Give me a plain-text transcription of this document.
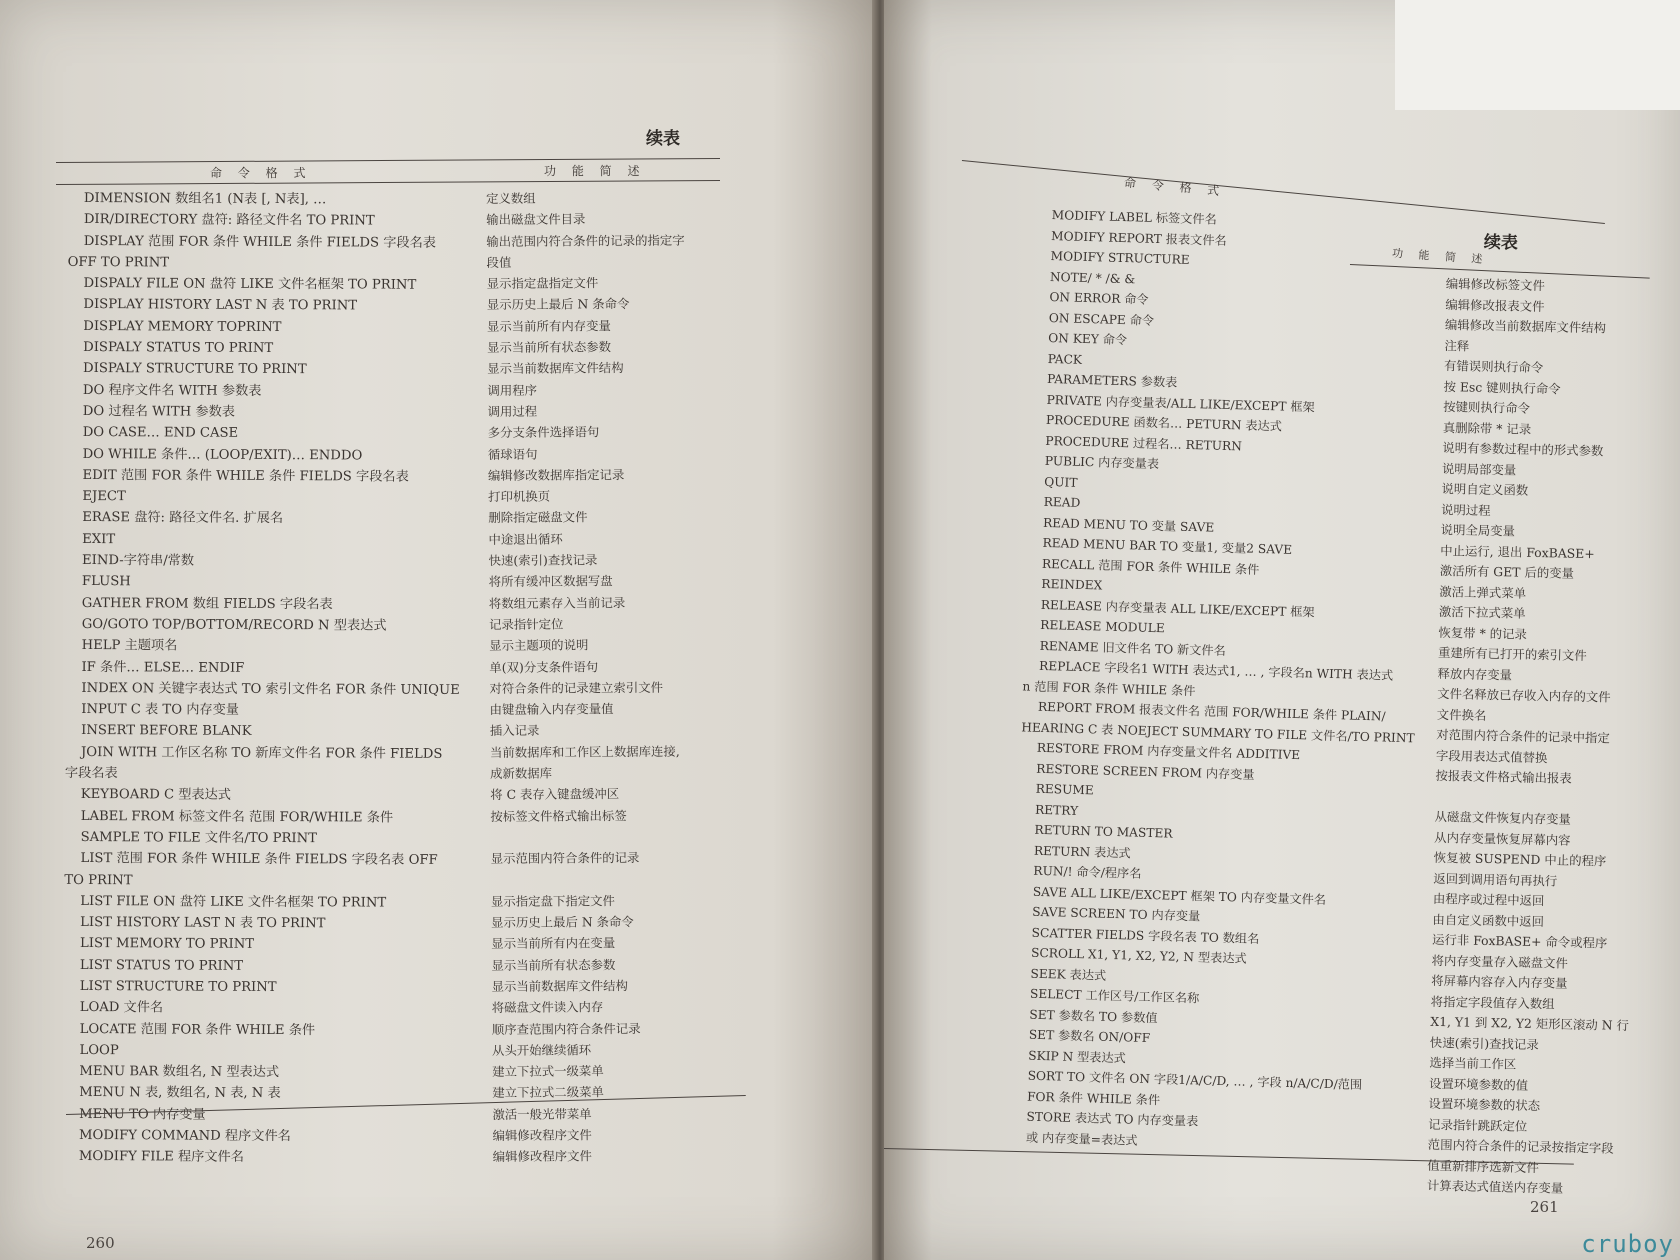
续表
命 令 格 式	功 能 简 述
DIMENSION 数组名1 (N表 [, N表], …
DIR/DIRECTORY 盘符: 路径文件名 TO PRINT
DISPLAY 范围 FOR 条件 WHILE 条件 FIELDS 字段名表
OFF TO PRINT
DISPALY FILE ON 盘符 LIKE 文件名框架 TO PRINT
DISPLAY HISTORY LAST N 表 TO PRINT
DISPLAY MEMORY TOPRINT
DISPALY STATUS TO PRINT
DISPALY STRUCTURE TO PRINT
DO 程序文件名 WITH 参数表
DO 过程名 WITH 参数表
DO CASE… END CASE
DO WHILE 条件… (LOOP/EXIT)… ENDDO
EDIT 范围 FOR 条件 WHILE 条件 FIELDS 字段名表
EJECT
ERASE 盘符: 路径文件名. 扩展名
EXIT
EIND-字符串/常数
FLUSH
GATHER FROM 数组 FIELDS 字段名表
GO/GOTO TOP/BOTTOM/RECORD N 型表达式
HELP 主题项名
IF 条件… ELSE… ENDIF
INDEX ON 关键字表达式 TO 索引文件名 FOR 条件 UNIQUE
INPUT C 表 TO 内存变量
INSERT BEFORE BLANK
JOIN WITH 工作区名称 TO 新库文件名 FOR 条件 FIELDS
字段名表
KEYBOARD C 型表达式
LABEL FROM 标签文件名 范围 FOR/WHILE 条件
SAMPLE TO FILE 文件名/TO PRINT
LIST 范围 FOR 条件 WHILE 条件 FIELDS 字段名表 OFF
TO PRINT
LIST FILE ON 盘符 LIKE 文件名框架 TO PRINT
LIST HISTORY LAST N 表 TO PRINT
LIST MEMORY TO PRINT
LIST STATUS TO PRINT
LIST STRUCTURE TO PRINT
LOAD 文件名
LOCATE 范围 FOR 条件 WHILE 条件
LOOP
MENU BAR 数组名, N 型表达式
MENU N 表, 数组名, N 表, N 表
MENU TO 内存变量
MODIFY COMMAND 程序文件名
MODIFY FILE 程序文件名
定义数组
输出磁盘文件目录
输出范围内符合条件的记录的指定字
段值
显示指定盘指定文件
显示历史上最后 N 条命令
显示当前所有内存变量
显示当前所有状态参数
显示当前数据库文件结构
调用程序
调用过程
多分支条件选择语句
循球语句
编辑修改数据库指定记录
打印机换页
删除指定磁盘文件
中途退出循环
快速(索引)查找记录
将所有缓冲区数据写盘
将数组元素存入当前记录
记录指针定位
显示主题项的说明
单(双)分支条件语句
对符合条件的记录建立索引文件
由键盘输入内存变量值
插入记录
当前数据库和工作区上数据库连接,
成新数据库
将 C 表存入键盘缓冲区
按标签文件格式输出标签
显示范围内符合条件的记录
显示指定盘下指定文件
显示历史上最后 N 条命令
显示当前所有内在变量
显示当前所有状态参数
显示当前数据库文件结构
将磁盘文件读入内存
顺序查范围内符合条件记录
从头开始继续循环
建立下拉式一级菜单
建立下拉式二级菜单
激活一般光带菜单
编辑修改程序文件
编辑修改程序文件
260
续表
命 令 格 式
功 能 简 述
261
MODIFY LABEL 标签文件名
MODIFY REPORT 报表文件名
MODIFY STRUCTURE
NOTE/ * /& &
ON ERROR 命令
ON ESCAPE 命令
ON KEY 命令
PACK
PARAMETERS 参数表
PRIVATE 内存变量表/ALL LIKE/EXCEPT 框架
PROCEDURE 函数名… PETURN 表达式
PROCEDURE 过程名… RETURN
PUBLIC 内存变量表
QUIT
READ
READ MENU TO 变量 SAVE
READ MENU BAR TO 变量1, 变量2 SAVE
RECALL 范围 FOR 条件 WHILE 条件
REINDEX
RELEASE 内存变量表 ALL LIKE/EXCEPT 框架
RELEASE MODULE
RENAME 旧文件名 TO 新文件名
REPLACE 字段名1 WITH 表达式1, … , 字段名n WITH 表达式
n 范围 FOR 条件 WHILE 条件
REPORT FROM 报表文件名 范围 FOR/WHILE 条件 PLAIN/
HEARING C 表 NOEJECT SUMMARY TO FILE 文件名/TO PRINT
RESTORE FROM 内存变量文件名 ADDITIVE
RESTORE SCREEN FROM 内存变量
RESUME
RETRY
RETURN TO MASTER
RETURN 表达式
RUN/! 命令/程序名
SAVE ALL LIKE/EXCEPT 框架 TO 内存变量文件名
SAVE SCREEN TO 内存变量
SCATTER FIELDS 字段名表 TO 数组名
SCROLL X1, Y1, X2, Y2, N 型表达式
SEEK 表达式
SELECT 工作区号/工作区名称
SET 参数名 TO 参数值
SET 参数名 ON/OFF
SKIP N 型表达式
SORT TO 文件名 ON 字段1/A/C/D, … , 字段 n/A/C/D/范围
FOR 条件 WHILE 条件
STORE 表达式 TO 内存变量表
或 内存变量=表达式
编辑修改标签文件
编辑修改报表文件
编辑修改当前数据库文件结构
注释
有错误则执行命令
按 Esc 键则执行命令
按键则执行命令
真删除带 * 记录
说明有参数过程中的形式参数
说明局部变量
说明自定义函数
说明过程
说明全局变量
中止运行, 退出 FoxBASE+
激活所有 GET 后的变量
激活上弹式菜单
激活下拉式菜单
恢复带 * 的记录
重建所有已打开的索引文件
释放内存变量
文件名释放已存收入内存的文件
文件换名
对范围内符合条件的记录中指定
字段用表达式值替换
按报表文件格式输出报表
从磁盘文件恢复内存变量
从内存变量恢复屏幕内容
恢复被 SUSPEND 中止的程序
返回到调用语句再执行
由程序或过程中返回
由自定义函数中返回
运行非 FoxBASE+ 命令或程序
将内存变量存入磁盘文件
将屏幕内容存入内存变量
将指定字段值存入数组
X1, Y1 到 X2, Y2 矩形区滚动 N 行
快速(索引)查找记录
选择当前工作区
设置环境参数的值
设置环境参数的状态
记录指针跳跃定位
范围内符合条件的记录按指定字段
值重新排序选新文件
计算表达式值送内存变量
cruboy
